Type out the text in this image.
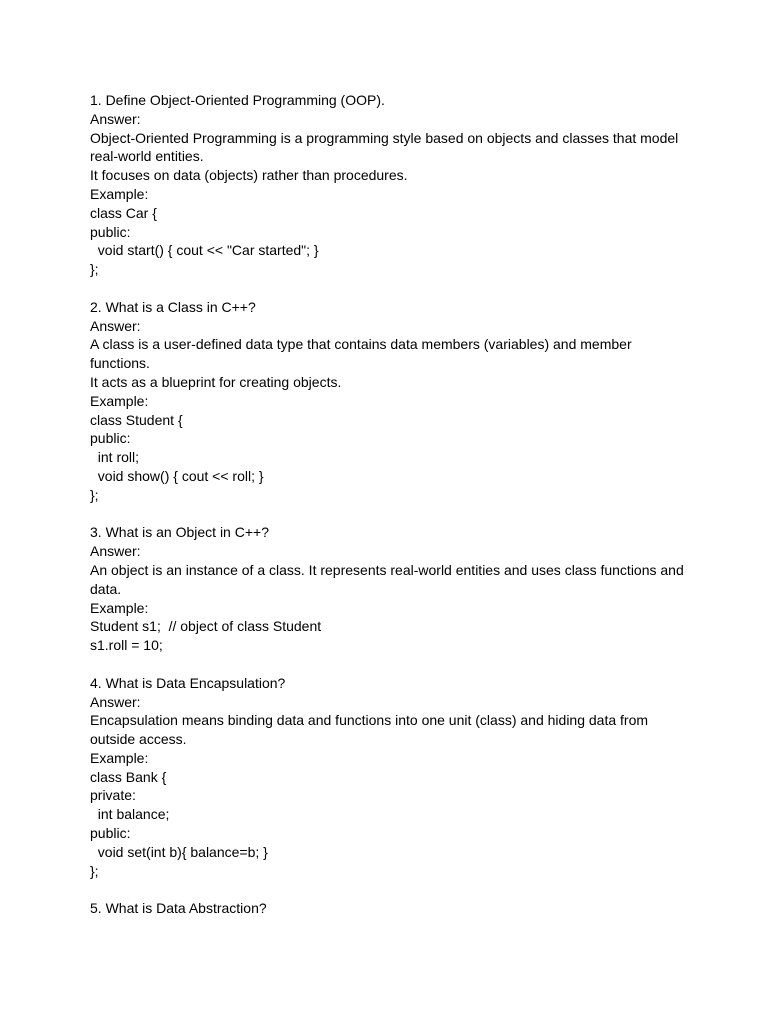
1. Define Object-Oriented Programming (OOP).
Answer:
Object-Oriented Programming is a programming style based on objects and classes that model
real-world entities.
It focuses on data (objects) rather than procedures.
Example:
class Car {
public:
void start() { cout << "Car started"; }
};
2. What is a Class in C++?
Answer:
A class is a user-defined data type that contains data members (variables) and member
functions.
It acts as a blueprint for creating objects.
Example:
class Student {
public:
int roll;
void show() { cout << roll; }
};
3. What is an Object in C++?
Answer:
An object is an instance of a class. It represents real-world entities and uses class functions and
data.
Example:
Student s1;  // object of class Student
s1.roll = 10;
4. What is Data Encapsulation?
Answer:
Encapsulation means binding data and functions into one unit (class) and hiding data from
outside access.
Example:
class Bank {
private:
int balance;
public:
void set(int b){ balance=b; }
};
5. What is Data Abstraction?
